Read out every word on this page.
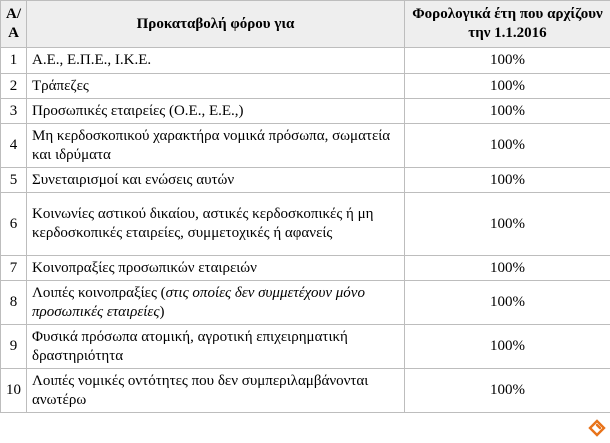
Α/Α	Προκαταβολή φόρου για	Φορολογικά έτη που αρχίζουν την 1.1.2016
1	Α.Ε., Ε.Π.Ε., Ι.Κ.Ε.	100%
2	Τράπεζες	100%
3	Προσωπικές εταιρείες (Ο.Ε., Ε.Ε.,)	100%
4	Μη κερδοσκοπικού χαρακτήρα νομικά πρόσωπα, σωματεία και ιδρύματα	100%
5	Συνεταιρισμοί και ενώσεις αυτών	100%
6	Κοινωνίες αστικού δικαίου, αστικές κερδοσκοπικές ή μη κερδοσκοπικές εταιρείες, συμμετοχικές ή αφανείς	100%
7	Κοινοπραξίες προσωπικών εταιρειών	100%
8	Λοιπές κοινοπραξίες (στις οποίες δεν συμμετέχουν μόνο προσωπικές εταιρείες)	100%
9	Φυσικά πρόσωπα ατομική, αγροτική επιχειρηματική δραστηριότητα	100%
10	Λοιπές νομικές οντότητες που δεν συμπεριλαμβάνονται ανωτέρω	100%
